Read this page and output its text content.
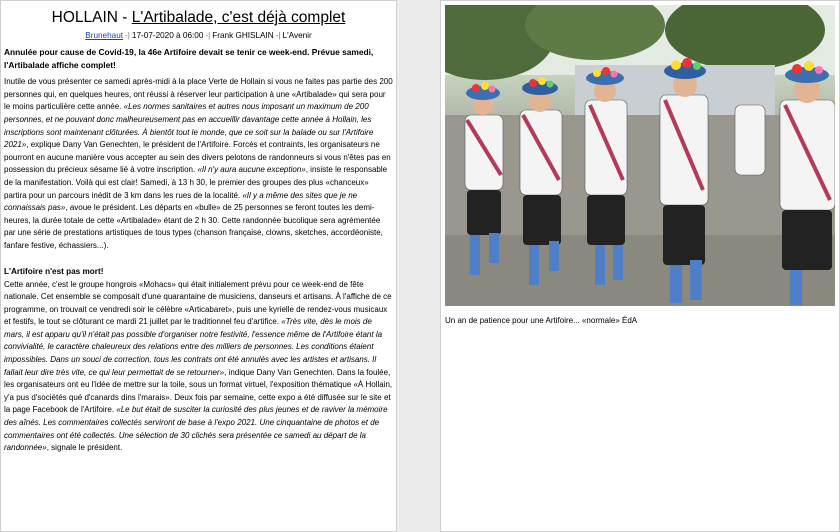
HOLLAIN - L'Artibalade, c'est déjà complet
Brunehaut -| 17-07-2020 à 06:00 -| Frank GHISLAIN -| L'Avenir

Annulée pour cause de Covid-19, la 46e Artifoire devait se tenir ce week-end. Prévue samedi, l'Artibalade affiche complet!

Inutile de vous présenter ce samedi après-midi à la place Verte de Hollain si vous ne faites pas partie des 200 personnes qui, en quelques heures, ont réussi à réserver leur participation à une «Artibalade» qui sera pour le moins particulière cette année. «Les normes sanitaires et autres nous imposant un maximum de 200 personnes, et ne pouvant donc malheureusement pas en accueillir davantage cette année à Hollain, les inscriptions sont maintenant clôturées. À bientôt tout le monde, que ce soit sur la balade ou sur l'Artifoire 2021», explique Dany Van Genechten, le président de l'Artifoire. Forcés et contraints, les organisateurs ne pourront en aucune manière vous accepter au sein des divers pelotons de randonneurs si vous n'êtes pas en possession du précieux sésame lié à votre inscription. «Il n'y aura aucune exception», insiste le responsable de la manifestation. Voilà qui est clair! Samedi, à 13 h 30, le premier des groupes des plus «chanceux» partira pour un parcours inédit de 3 km dans les rues de la localité. «Il y a même des sites que je ne connaissais pas», avoue le président. Les départs en «bulle» de 25 personnes se feront toutes les demi-heures, la durée totale de cette «Artibalade» étant de 2 h 30. Cette randonnée bucolique sera agrémentée par une série de prestations artistiques de tous types (chanson française, clowns, sketches, accordéoniste, fanfare festive, échassiers...).

L'Artifoire n'est pas mort!

Cette année, c'est le groupe hongrois «Mohacs» qui était initialement prévu pour ce week-end de fête nationale. Cet ensemble se composait d'une quarantaine de musiciens, danseurs et artisans. À l'affiche de ce programme, on trouvait ce vendredi soir le célèbre «Articabaret», puis une kyrielle de rendez-vous musicaux et festifs, le tout se clôturant ce mardi 21 juillet par le traditionnel feu d'artifice. «Très vite, dès le mois de mars, il est apparu qu'il n'était pas possible d'organiser notre festivité, l'essence même de l'Artifoire étant la convivialité, le caractère chaleureux des relations entre des milliers de personnes. Les conditions étaient impossibles. Dans un souci de correction, tous les contrats ont été annulés avec les artistes et artisans. Il fallait leur dire très vite, ce qui leur permettait de se retourner», indique Dany Van Genechten. Dans la foulée, les organisateurs ont eu l'idée de mettre sur la toile, sous un format virtuel, l'exposition thématique «À Hollain, y'a pus d'sociétés qué d'canards dins l'marais». Deux fois par semaine, cette expo a été diffusée sur le site et la page Facebook de l'Artifoire. «Le but était de susciter la curiosité des plus jeunes et de raviver la mémoire des aînés. Les commentaires collectés serviront de base à l'expo 2021. Une cinquantaine de photos et de commentaires ont été collectés. Une sélection de 30 clichés sera présentée ce samedi au départ de la randonnée», signale le président.

Un an de patience pour une Artifoire... «normale» ÉdA
